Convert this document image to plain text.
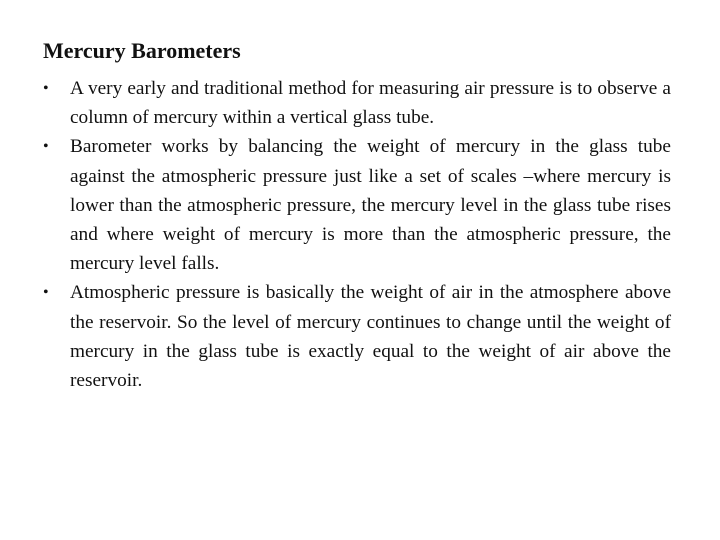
Mercury Barometers
•	A very early and traditional method for measuring air pressure is to observe a column of mercury within a vertical glass tube.
•	Barometer works by balancing the weight of mercury in the glass tube against the atmospheric pressure just like a set of scales –where mercury is lower than the atmospheric pressure, the mercury level in the glass tube rises and where weight of mercury is more than the atmospheric pressure, the mercury level falls.
•	Atmospheric pressure is basically the weight of air in the atmosphere above the reservoir. So the level of mercury continues to change until the weight of mercury in the glass tube is exactly equal to the weight of air above the reservoir.
